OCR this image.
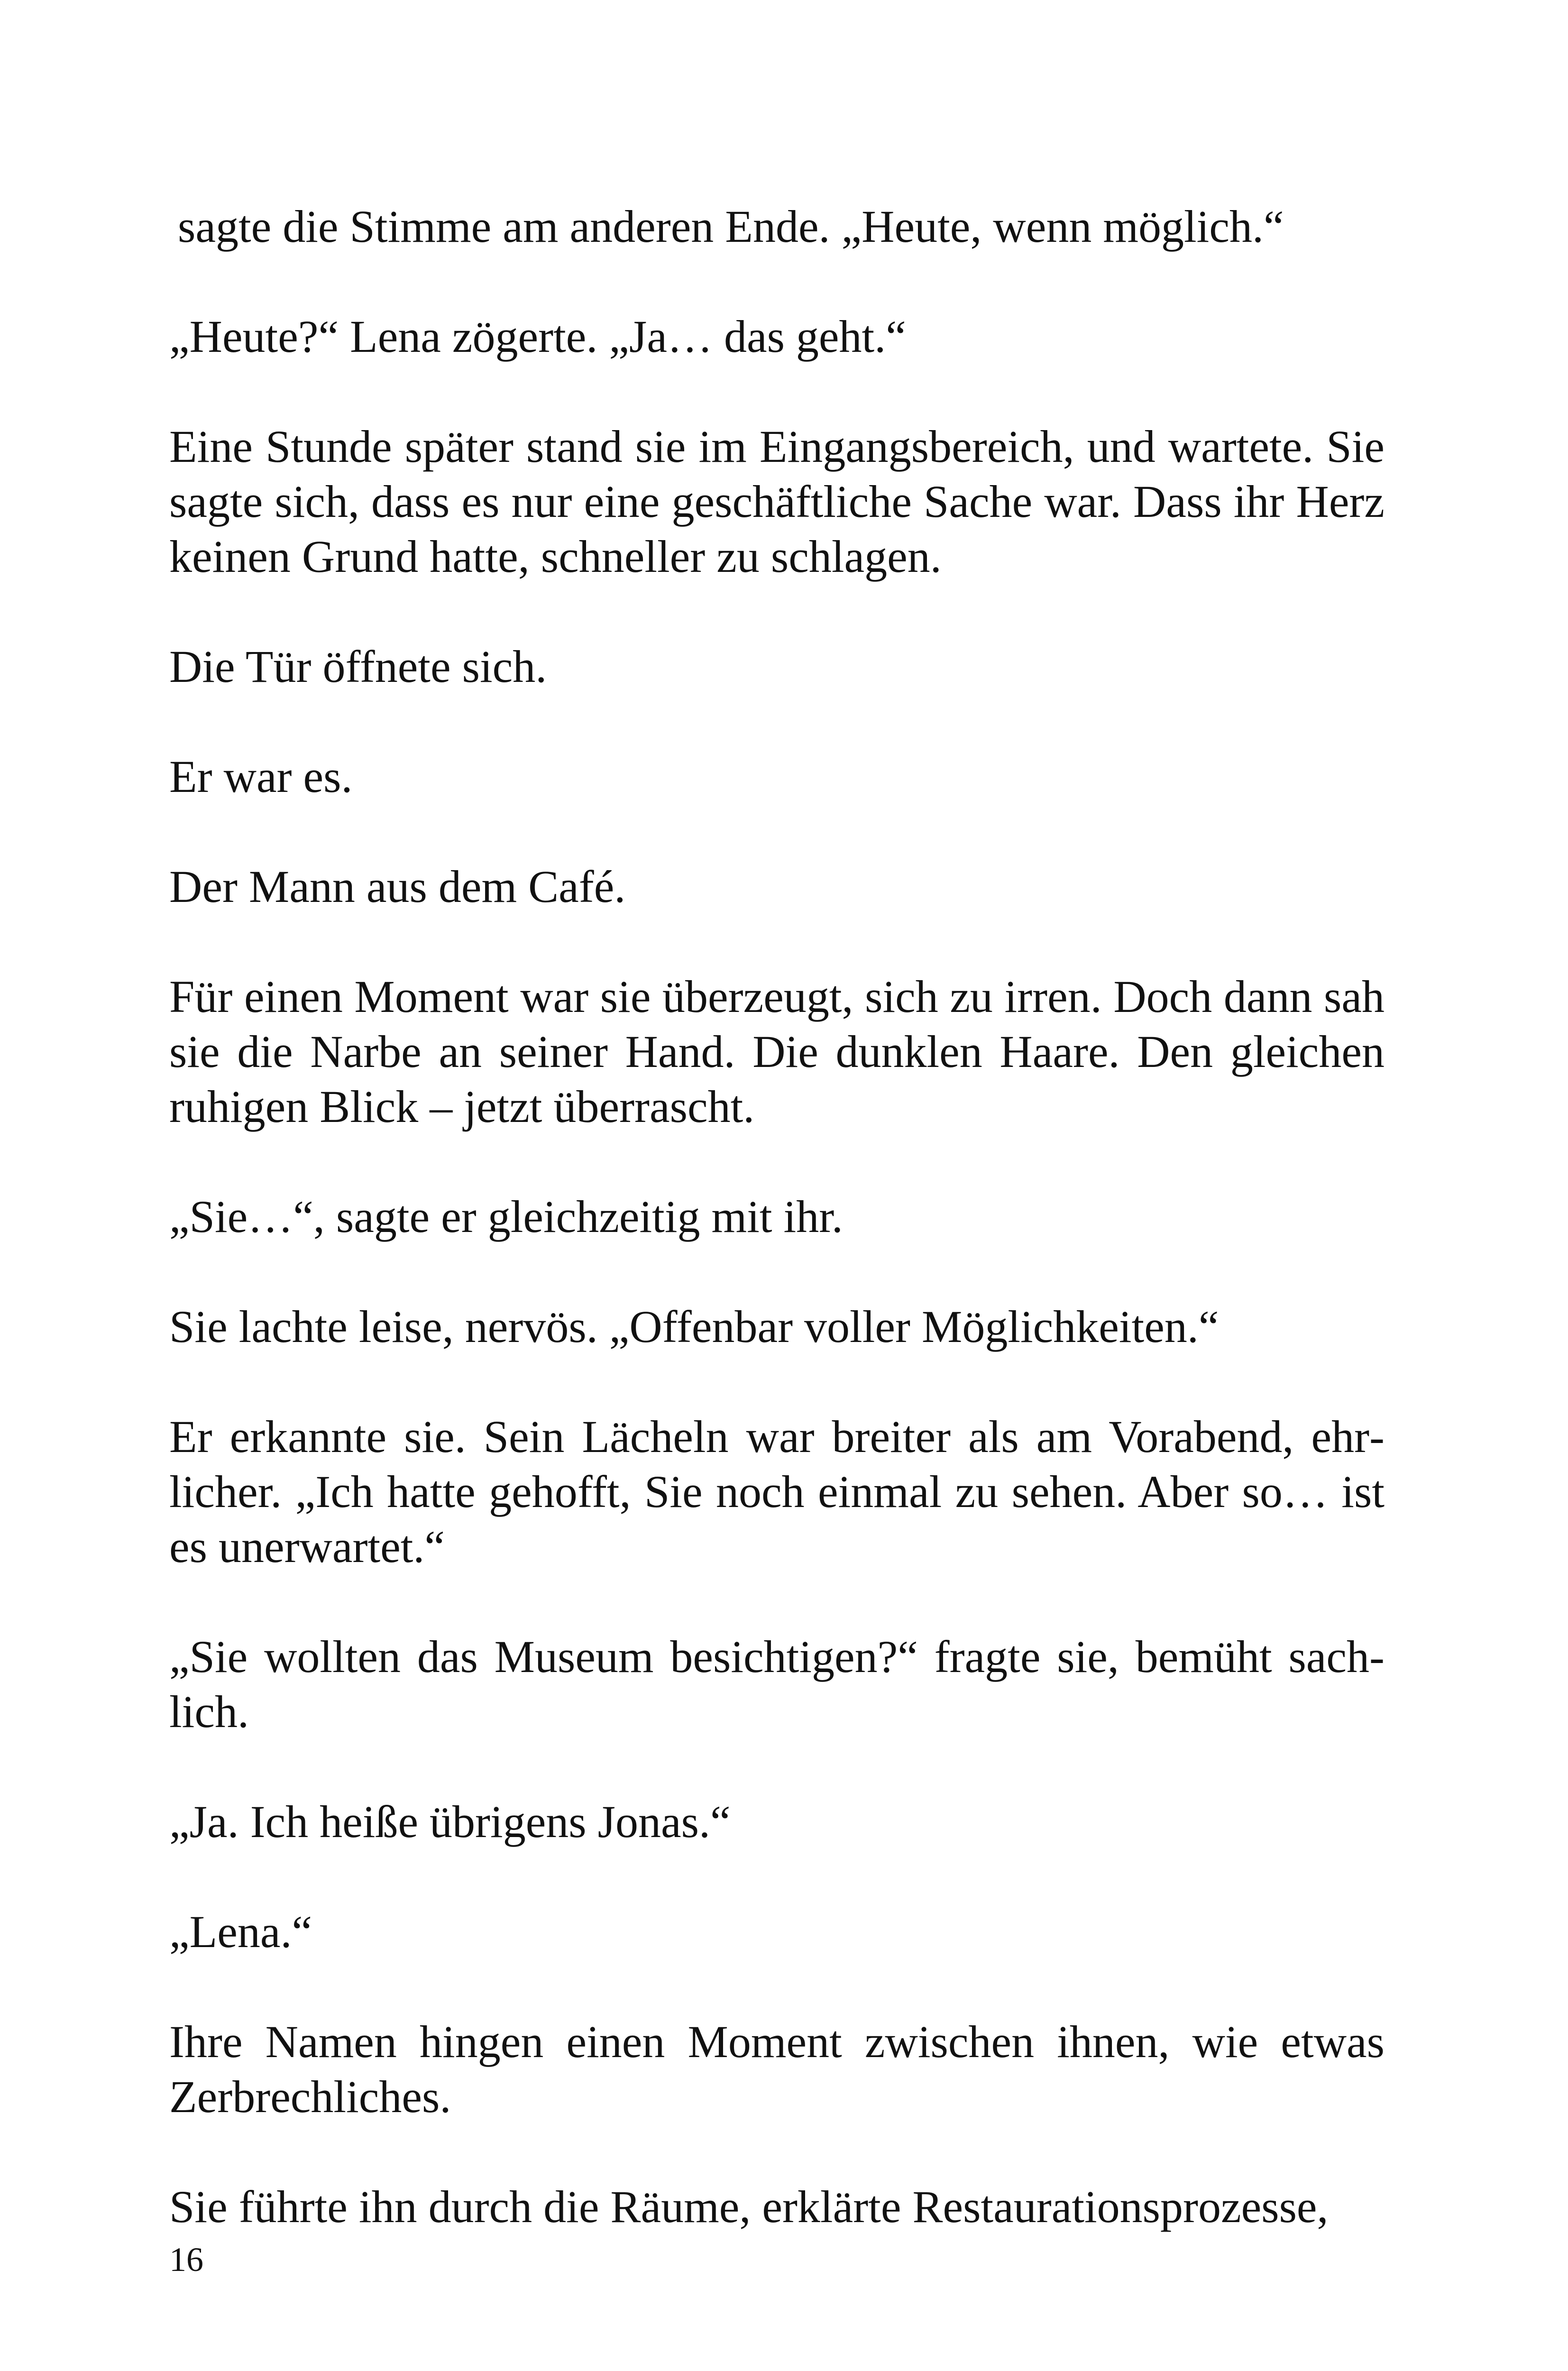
sagte die Stimme am anderen Ende. „Heute, wenn möglich.“

„Heute?“ Lena zögerte. „Ja… das geht.“

Eine Stunde später stand sie im Eingangsbereich, und wartete. Sie sagte sich, dass es nur eine geschäftliche Sache war. Dass ihr Herz keinen Grund hatte, schneller zu schlagen.

Die Tür öffnete sich.

Er war es.

Der Mann aus dem Café.

Für einen Moment war sie überzeugt, sich zu irren. Doch dann sah sie die Narbe an seiner Hand. Die dunklen Haare. Den gleichen ruhigen Blick – jetzt überrascht.

„Sie…“, sagte er gleichzeitig mit ihr.

Sie lachte leise, nervös. „Offenbar voller Möglichkeiten.“

Er erkannte sie. Sein Lächeln war breiter als am Vorabend, ehrlicher. „Ich hatte gehofft, Sie noch einmal zu sehen. Aber so… ist es unerwartet.“

„Sie wollten das Museum besichtigen?“ fragte sie, bemüht sachlich.

„Ja. Ich heiße übrigens Jonas.“

„Lena.“

Ihre Namen hingen einen Moment zwischen ihnen, wie etwas Zerbrechliches.

Sie führte ihn durch die Räume, erklärte Restaurationsprozesse,

16
